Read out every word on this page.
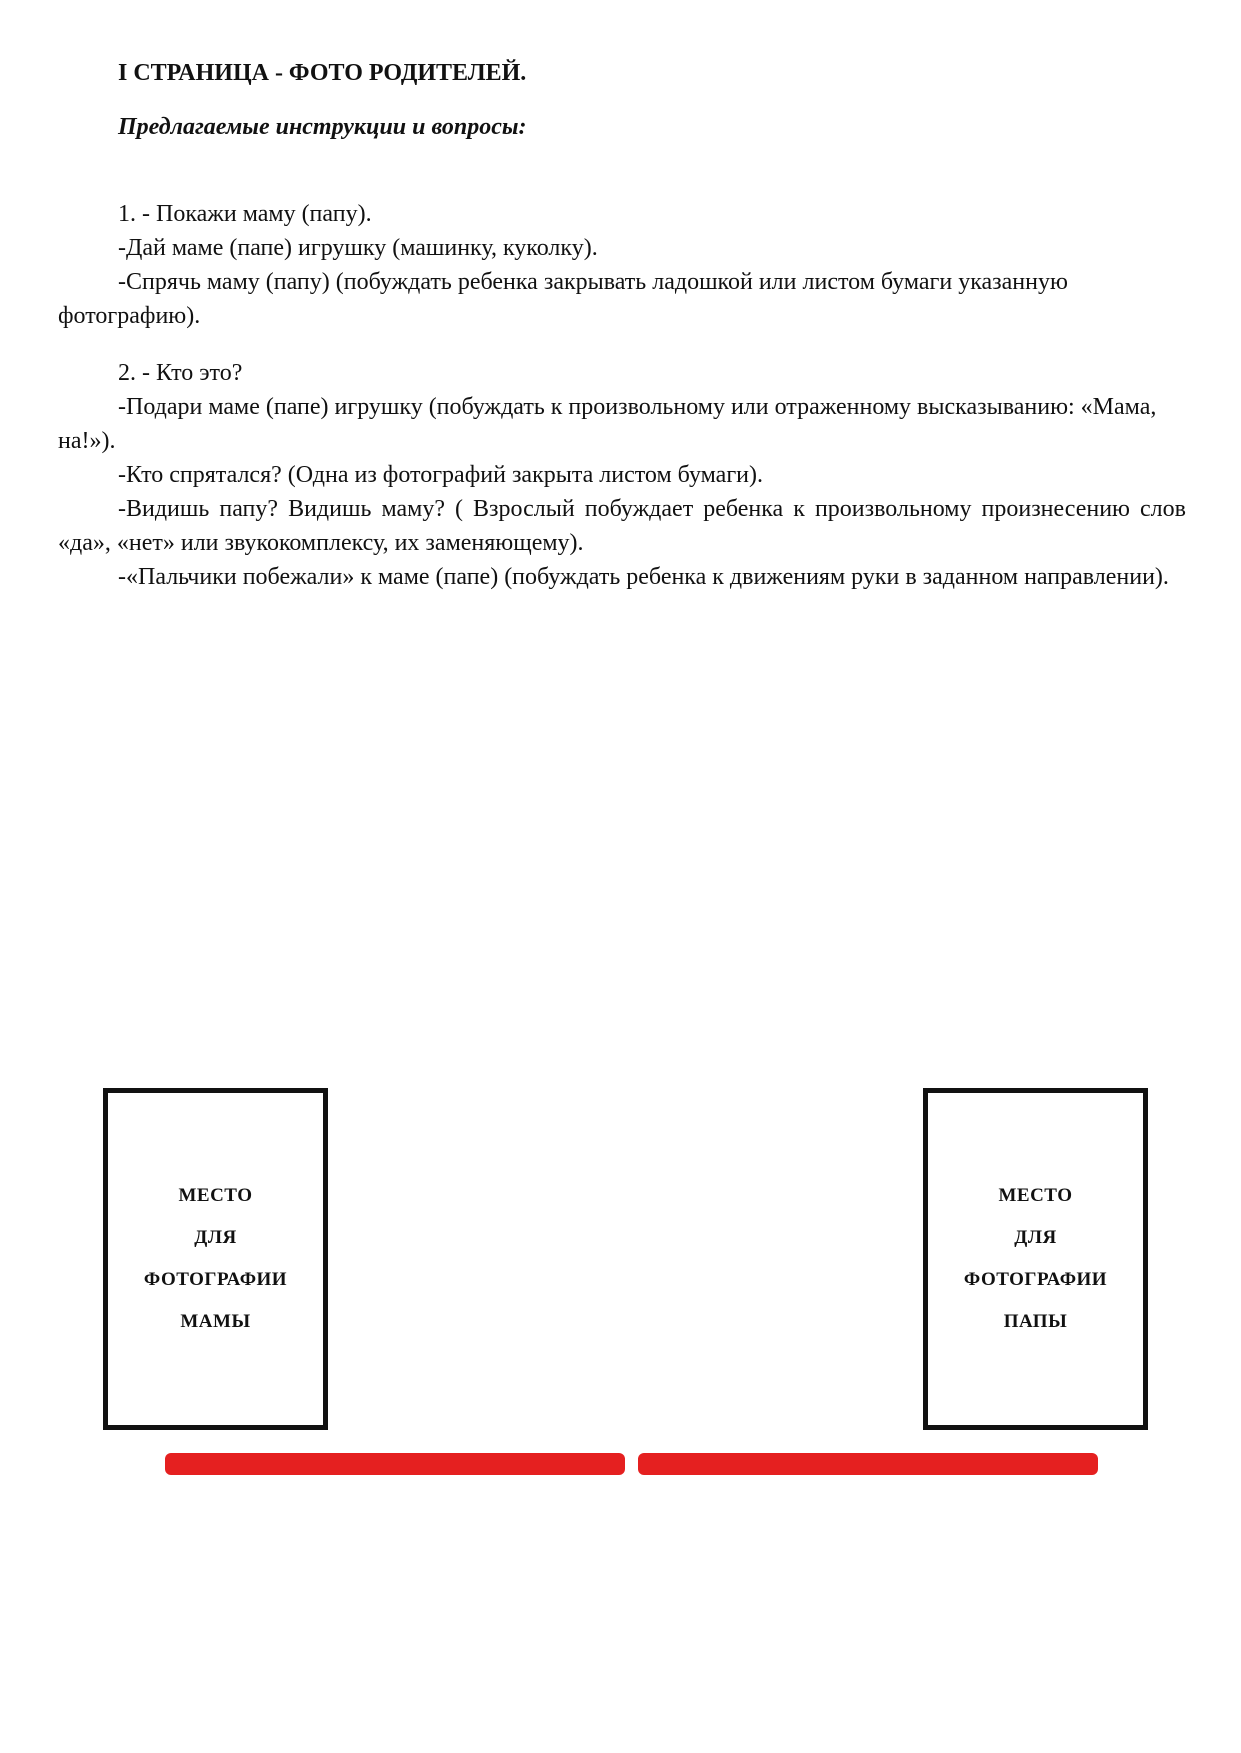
I СТРАНИЦА - ФОТО РОДИТЕЛЕЙ.
Предлагаемые инструкции и вопросы:

1. - Покажи маму (папу).

-Дай маме (папе) игрушку (машинку, куколку).

-Спрячь маму (папу) (побуждать ребенка закрывать ладошкой или листом бумаги указанную фотографию).

2. - Кто это?

-Подари маме (папе) игрушку (побуждать к произвольному или отраженному высказыванию: «Мама, на!»).

-Кто спрятался? (Одна из фотографий закрыта листом бумаги).

-Видишь папу? Видишь маму? ( Взрослый побуждает ребенка к произвольному произнесению слов «да», «нет» или звукокомплексу, их заменяющему).

-«Пальчики побежали» к маме (папе) (побуждать ребенка к движениям руки в заданном направлении).

МЕСТО
ДЛЯ
ФОТОГРАФИИ
МАМЫ
МЕСТО
ДЛЯ
ФОТОГРАФИИ
ПАПЫ
